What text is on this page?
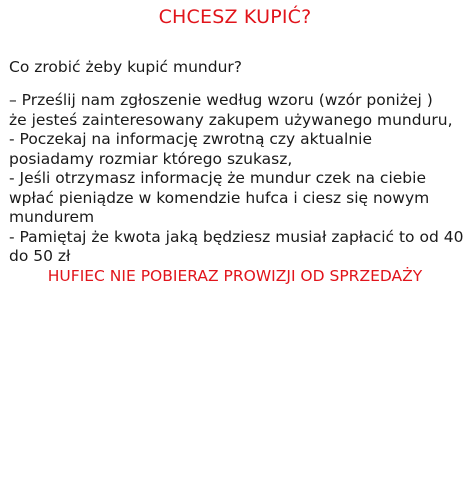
CHCESZ KUPIĆ?

Co zrobić żeby kupić mundur?

– Prześlij nam zgłoszenie według wzoru (wzór poniżej )
że jesteś zainteresowany zakupem używanego munduru,
- Poczekaj na informację zwrotną czy aktualnie
posiadamy rozmiar którego szukasz,
- Jeśli otrzymasz informację że mundur czek na ciebie
wpłać pieniądze w komendzie hufca i ciesz się nowym
mundurem
- Pamiętaj że kwota jaką będziesz musiał zapłacić to od 40
do 50 zł

HUFIEC NIE POBIERAZ PROWIZJI OD SPRZEDAŻY
